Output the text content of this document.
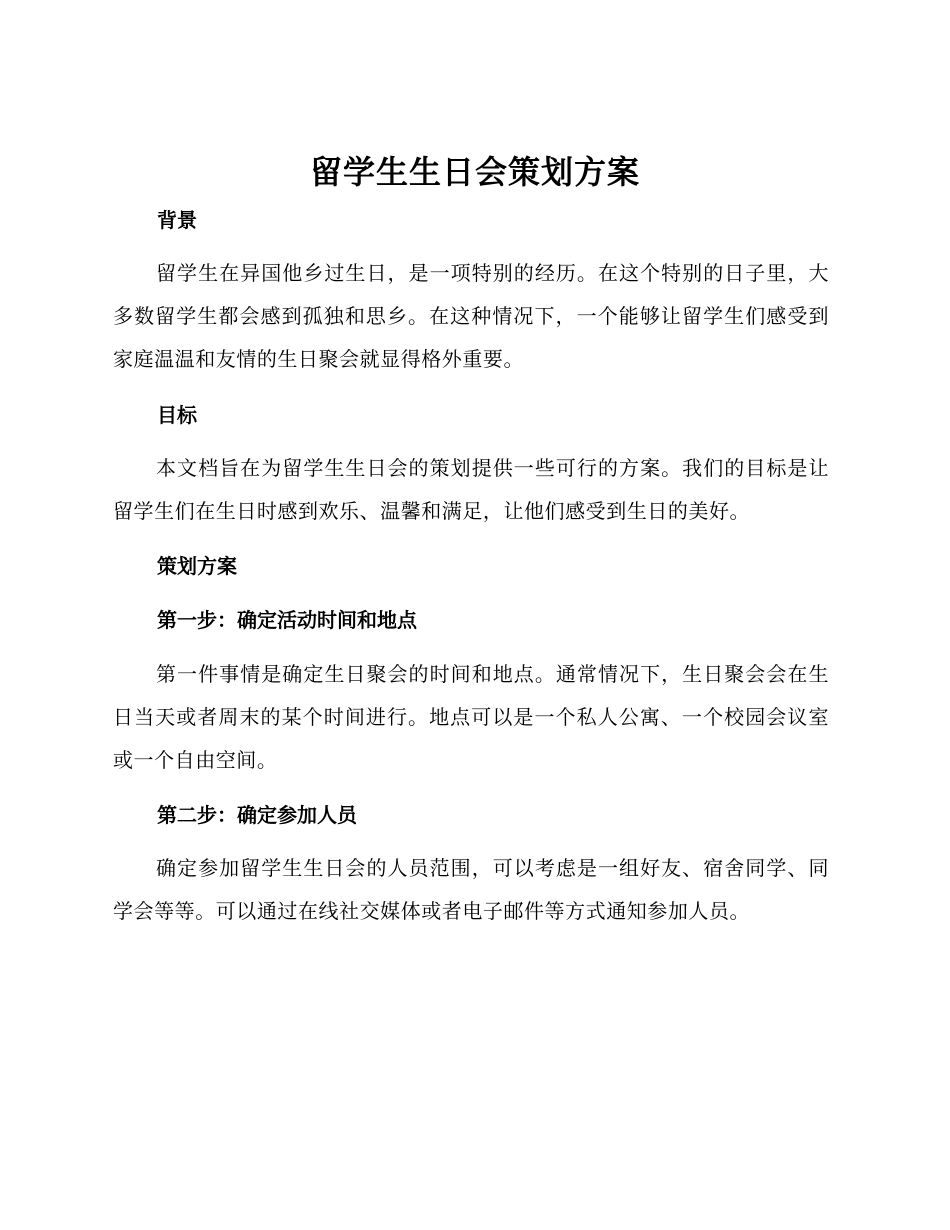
留学生生日会策划方案
背景

留学生在异国他乡过生日，是一项特别的经历。在这个特别的日子里，大多数留学生都会感到孤独和思乡。在这种情况下，一个能够让留学生们感受到家庭温温和友情的生日聚会就显得格外重要。

目标

本文档旨在为留学生生日会的策划提供一些可行的方案。我们的目标是让留学生们在生日时感到欢乐、温馨和满足，让他们感受到生日的美好。

策划方案
第一步：确定活动时间和地点

第一件事情是确定生日聚会的时间和地点。通常情况下，生日聚会会在生日当天或者周末的某个时间进行。地点可以是一个私人公寓、一个校园会议室或一个自由空间。

第二步：确定参加人员

确定参加留学生生日会的人员范围，可以考虑是一组好友、宿舍同学、同学会等等。可以通过在线社交媒体或者电子邮件等方式通知参加人员。
